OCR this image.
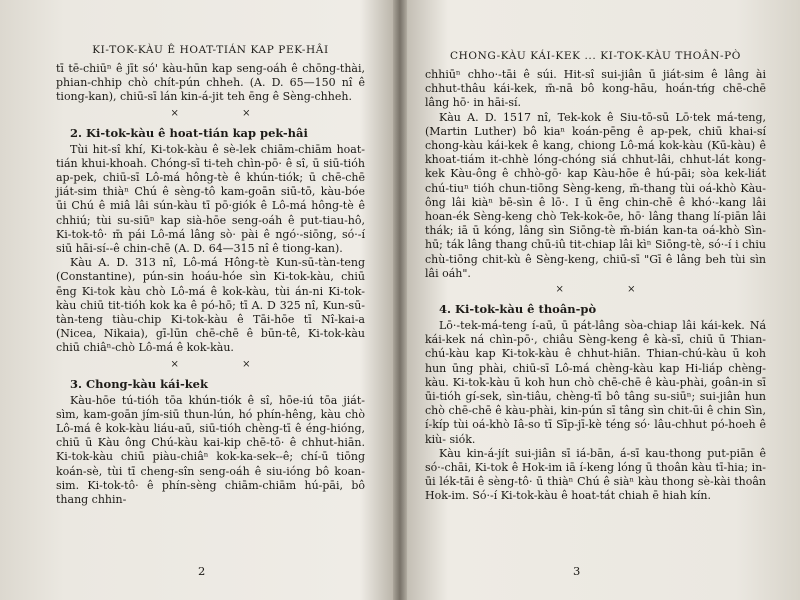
KI-TOK-KÀU Ê HOAT-TIÁN KAP PEK-HÂI

tī tē-chiūⁿ ê jīt só' kàu-hūn kap seng-oáh ê chōng-thài, phian-chhip chò chít-pún chheh. (A. D. 65—150 nî ê tiong-kan), chiū-sī lán kin-á-jit teh ēng ê Sèng-chheh.

× ×
2. Ki-tok-kàu ê hoat-tián kap pek-hâi

Tùi hit-sî khí, Ki-tok-kàu ê sè-lek chiām-chiām hoat-tián khui-khoah. Chóng-sī ti-teh chìn-pō· ê sî, ū siū-tióh ap-pek, chiū-sī Lô-má hông-tè ê khún-tiók; ū chē-chē jiát-sim thiàⁿ Chú ê sèng-tô kam-goān siū-tō, kàu-bóe ūi Chú ê miâ lâi sún-kàu tī pō·giók ê Lô-má hông-tè ê chhiú; tùi su-siūⁿ kap sià-hōe seng-oáh ê put-tiau-hô, Ki-tok-tô· m̄ pái Lô-má lâng sò· pài ê ngó·-siōng, só·-í siū hāi-sí--ê chin-chē (A. D. 64—315 nî ê tiong-kan).

Kàu A. D. 313 nî, Lô-má Hông-tè Kun-sū-tàn-teng (Constantine), pún-sin hoáu-hóe sìn Ki-tok-kàu, chiū ēng Ki-tok kàu chò Lô-má ê kok-kàu, tùi án-ni Ki-tok-kàu chiū tit-tióh kok ka ê pó-hō; tī A. D 325 nî, Kun-sū-tàn-teng tiàu-chip Ki-tok-kàu ê Tāi-hōe tī Nî-kai-a (Nicea, Nikaia), gī-lūn chē-chē ê būn-tê, Ki-tok-kàu chiū chiâⁿ-chò Lô-má ê kok-kàu.

× ×
3. Chong-kàu kái-kek

Kàu-hōe tú-tióh tōa khún-tiók ê sî, hōe-iú tōa jiát-sìm, kam-goān jím-siū thun-lún, hó phín-hêng, kàu chò Lô-má ê kok-kàu liáu-aū, siū-tióh chèng-tī ê éng-hióng, chiū ū Kàu ông Chú-kàu kai-kip chē-tō· ê chhut-hiān. Ki-tok-kàu chiū piàu-chiâⁿ kok-ka-sek--ê; chí-ū tiōng koán-sè, tùi tī cheng-sîn seng-oáh ê siu-ióng bô koan-sim. Ki-tok-tô· ê phín-sèng chiām-chiām hú-pāi, bô thang chhin-

2
CHONG-KÀU KÁI-KEK ... KI-TOK-KÀU THOÂN-PÒ

chhiūⁿ chho·-tāi ê súi. Hit-sî sui-jiân ū jiát-sim ê lâng ài chhut-thâu kái-kek, m̄-nā bô kong-hāu, hoán-tńg chē-chē lâng hō· in hāi-sí.

Kàu A. D. 1517 nî, Tek-kok ê Siu-tō-sū Lō·tek má-teng, (Martin Luther) bô kiaⁿ koán-pēng ê ap-pek, chiū khai-sí chong-kàu kái-kek ê kang, chiong Lô-má kok-kàu (Kū-kàu) ê khoat-tiám it-chhè lóng-chóng siá chhut-lâi, chhut-lát kong-kek Kàu-ông ê chhò-gō· kap Kàu-hōe ê hú-pāi; sòa kek-liát chú-tiuⁿ tióh chun-tiōng Sèng-keng, m̄-thang tùi oá-khò Kàu-ông lâi kiàⁿ bē-sìn ê lō·. I ū ēng chin-chē ê khó·-kang lâi hoan-ék Sèng-keng chò Tek-kok-ōe, hō· lâng thang lí-piān lâi thák; iā ū kóng, lâng sìn Siōng-tè m̄-bián kan-ta oá-khò Sìn-hū; ták lâng thang chū-iû tit-chiap lâi kìⁿ Siōng-tè, só·-í i chiu chù-tiōng chit-kù ê Sèng-keng, chiū-sī "Gī ê lâng beh tùi sìn lâi oáh".

× ×
4. Ki-tok-kàu ê thoân-pò

Lō·-tek-má-teng í-aū, ū pát-lâng sòa-chiap lâi kái-kek. Ná kái-kek ná chìn-pō·, chiâu Sèng-keng ê kà-sī, chiū ū Thian-chú-kàu kap Ki-tok-kàu ê chhut-hiān. Thian-chú-kàu ū koh hun ūng phài, chiū-sī Lô-má chèng-kàu kap Hi-liáp chèng-kàu. Ki-tok-kàu ū koh hun chò chē-chē ê kàu-phài, goân-in sī ūi-tióh gí-sek, sìn-tiâu, chèng-tī bô tâng su-siūⁿ; sui-jiân hun chò chē-chē ê kàu-phài, kin-pún sī tâng sìn chit-ūi ê chin Sìn, í-kíp tùi oá-khò Iâ-so tī Sīp-jī-kè téng só· lâu-chhut pó-hoeh ê kiù- siók.

Kàu kin-á-jít sui-jiân sī iá-bān, á-sī kau-thong put-piān ê só·-chāi, Ki-tok ê Hok-im iā í-keng lóng ū thoân kàu tī-hia; in-ūi lék-tāi ê sèng-tô· ū thiàⁿ Chú ê siàⁿ kàu thong sè-kài thoân Hok-im. Só·-í Ki-tok-kàu ê hoat-tát chiah ē hiah kín.

3
